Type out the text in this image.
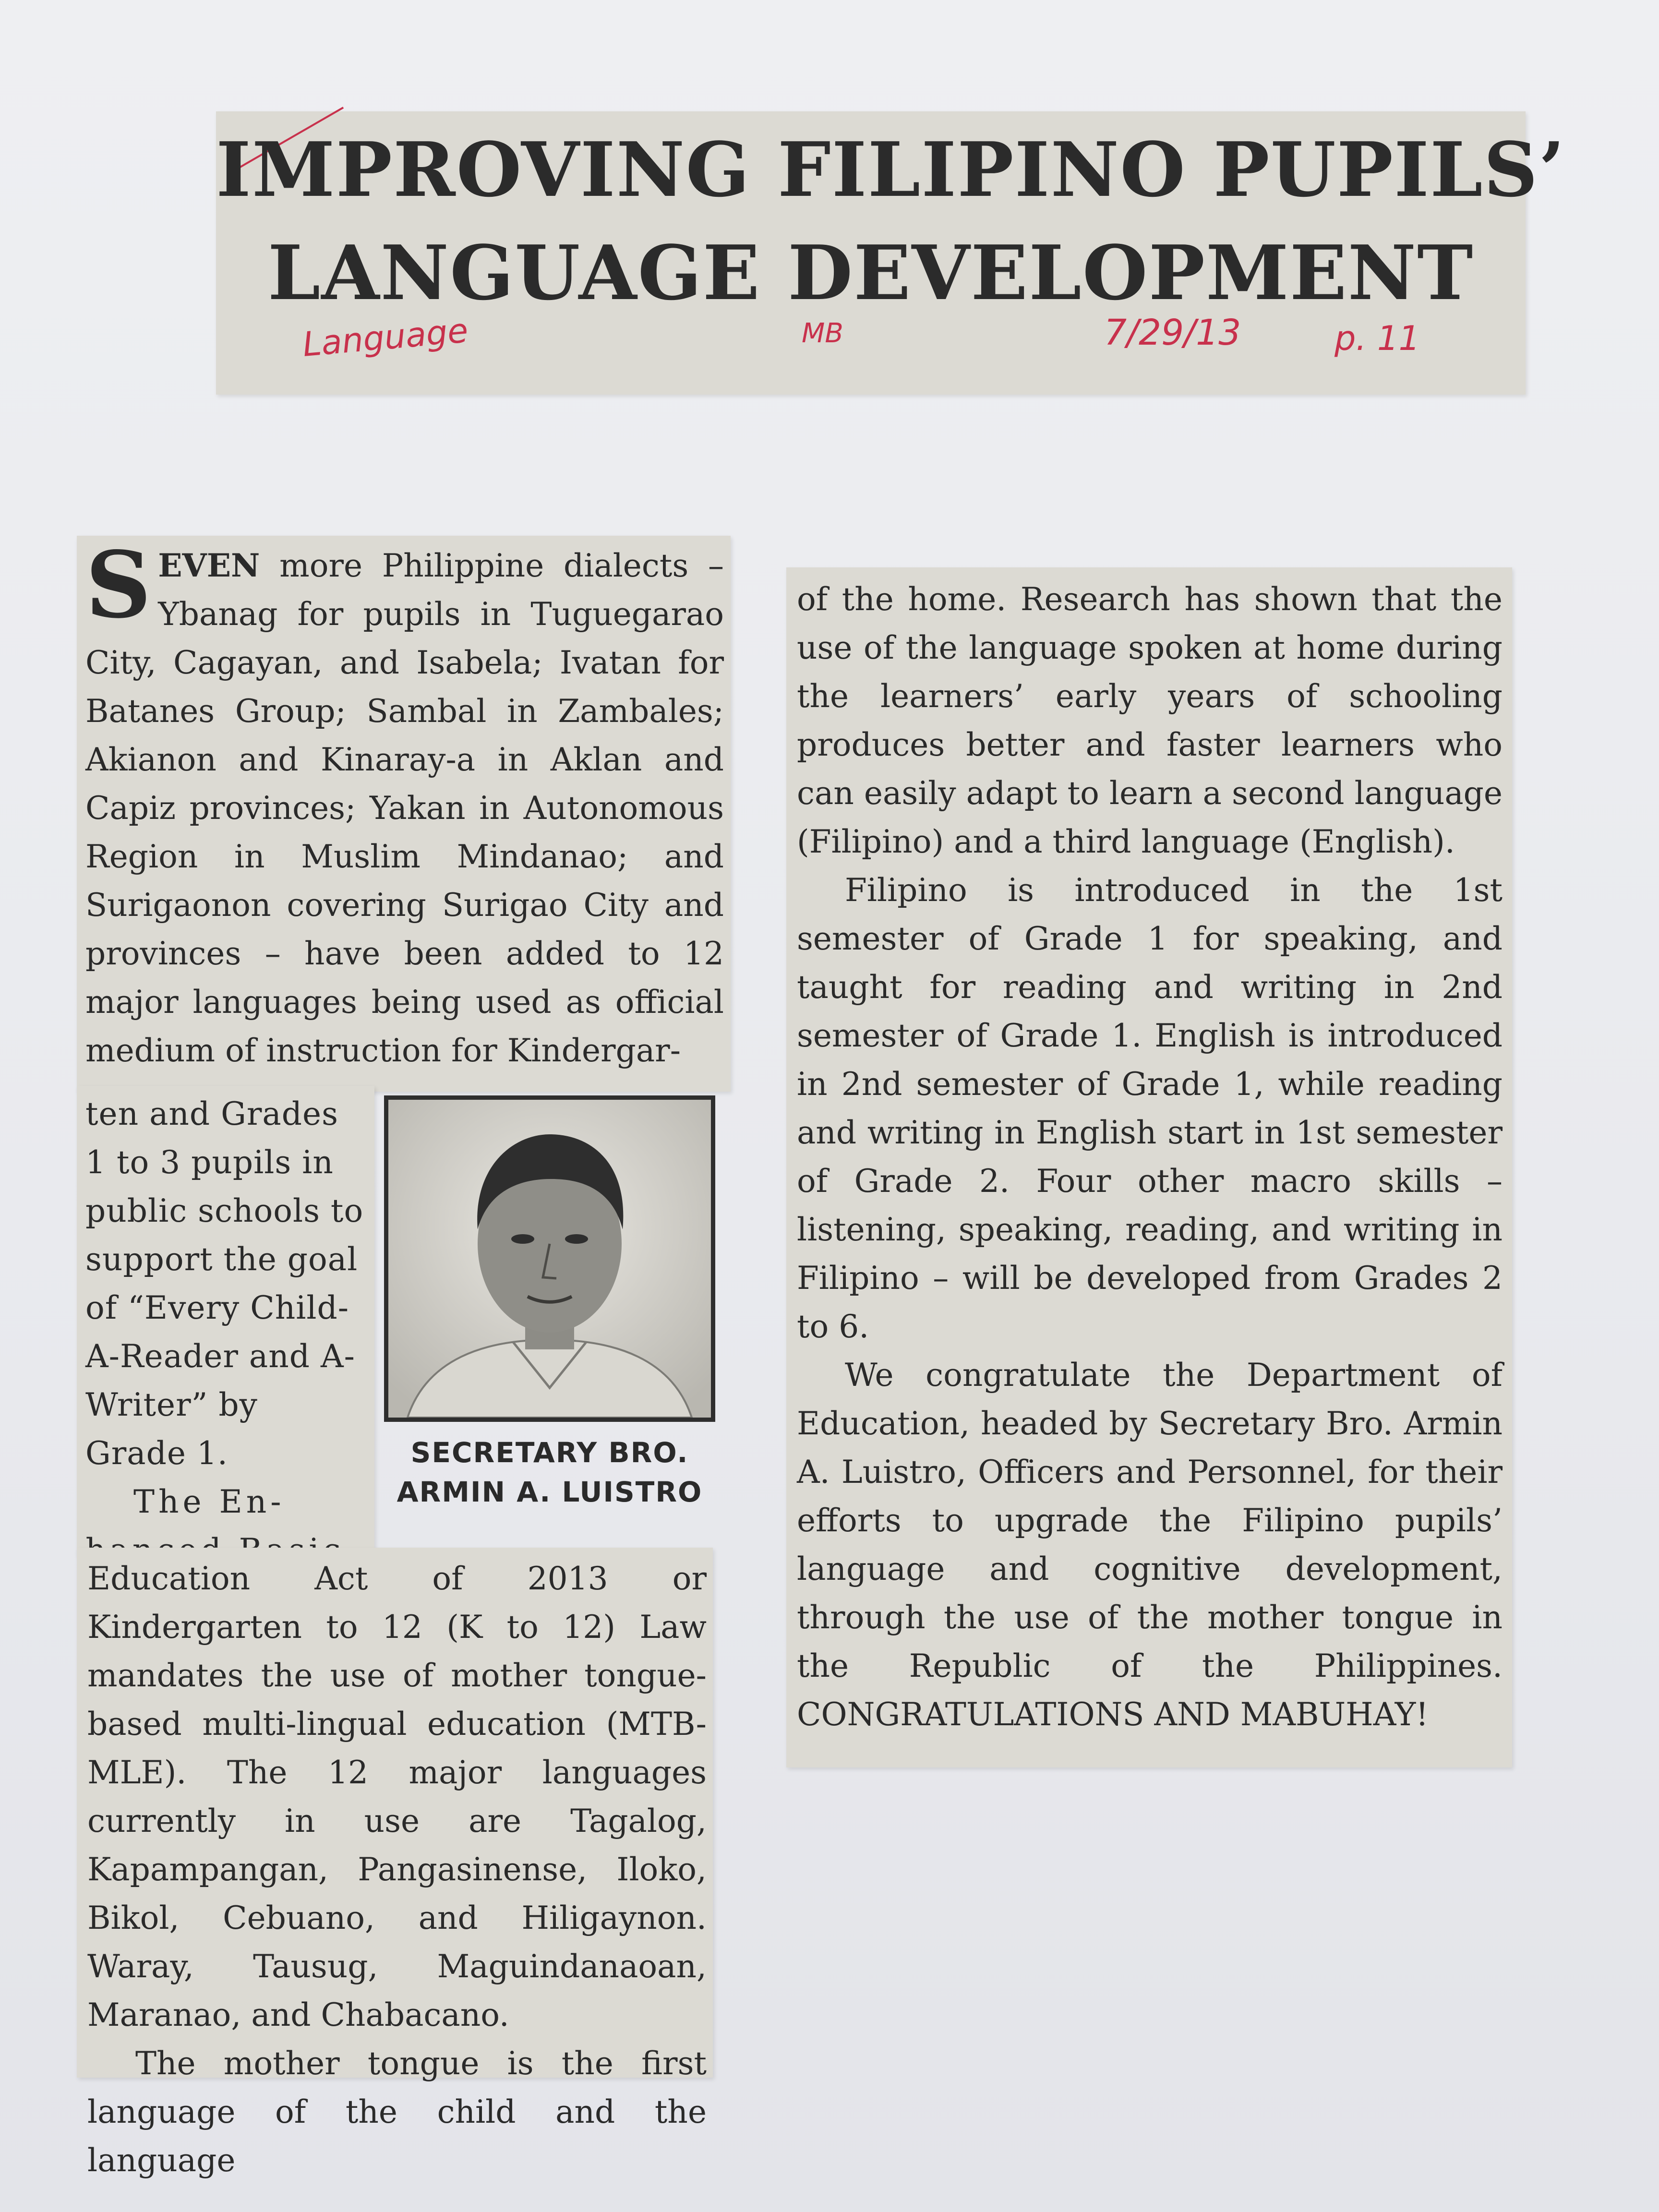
IMPROVING FILIPINO PUPILS’
LANGUAGE DEVELOPMENT
Language	MB	7/29/13	p. 11

SEVEN more Philippine dialects – Ybanag for pupils in Tuguegarao City, Cagayan, and Isabela; Ivatan for Batanes Group; Sambal in Zambales; Akianon and Kinaray-a in Aklan and Capiz provinces; Yakan in Autonomous Region in Muslim Mindanao; and Surigaonon covering Surigao City and provinces – have been added to 12 major languages being used as official medium of instruction for Kindergar-

ten and Grades 1 to 3 pupils in public schools to support the goal of “Every Child-A-Reader and A-Writer” by Grade 1.

The En-

SECRETARY BRO.
ARMIN A. LUISTRO

Education Act of 2013 or Kindergarten to 12 (K to 12) Law mandates the use of mother tongue-based multi-lingual education (MTB-MLE). The 12 major languages currently in use are Tagalog, Kapampangan, Pangasinense, Iloko, Bikol, Cebuano, and Hiligaynon. Waray, Tausug, Maguindanaoan, Maranao, and Chabacano.

The mother tongue is the first language of the child and the language

of the home. Research has shown that the use of the language spoken at home during the learners’ early years of schooling produces better and faster learners who can easily adapt to learn a second language (Filipino) and a third language (English).

Filipino is introduced in the 1st semester of Grade 1 for speaking, and taught for reading and writing in 2nd semester of Grade 1. English is introduced in 2nd semester of Grade 1, while reading and writing in English start in 1st semester of Grade 2. Four other macro skills – listening, speaking, reading, and writing in Filipino – will be developed from Grades 2 to 6.

We congratulate the Department of Education, headed by Secretary Bro. Armin A. Luistro, Officers and Personnel, for their efforts to upgrade the Filipino pupils’ language and cognitive development, through the use of the mother tongue in the Republic of the Philippines. CONGRATULATIONS AND MABUHAY!
